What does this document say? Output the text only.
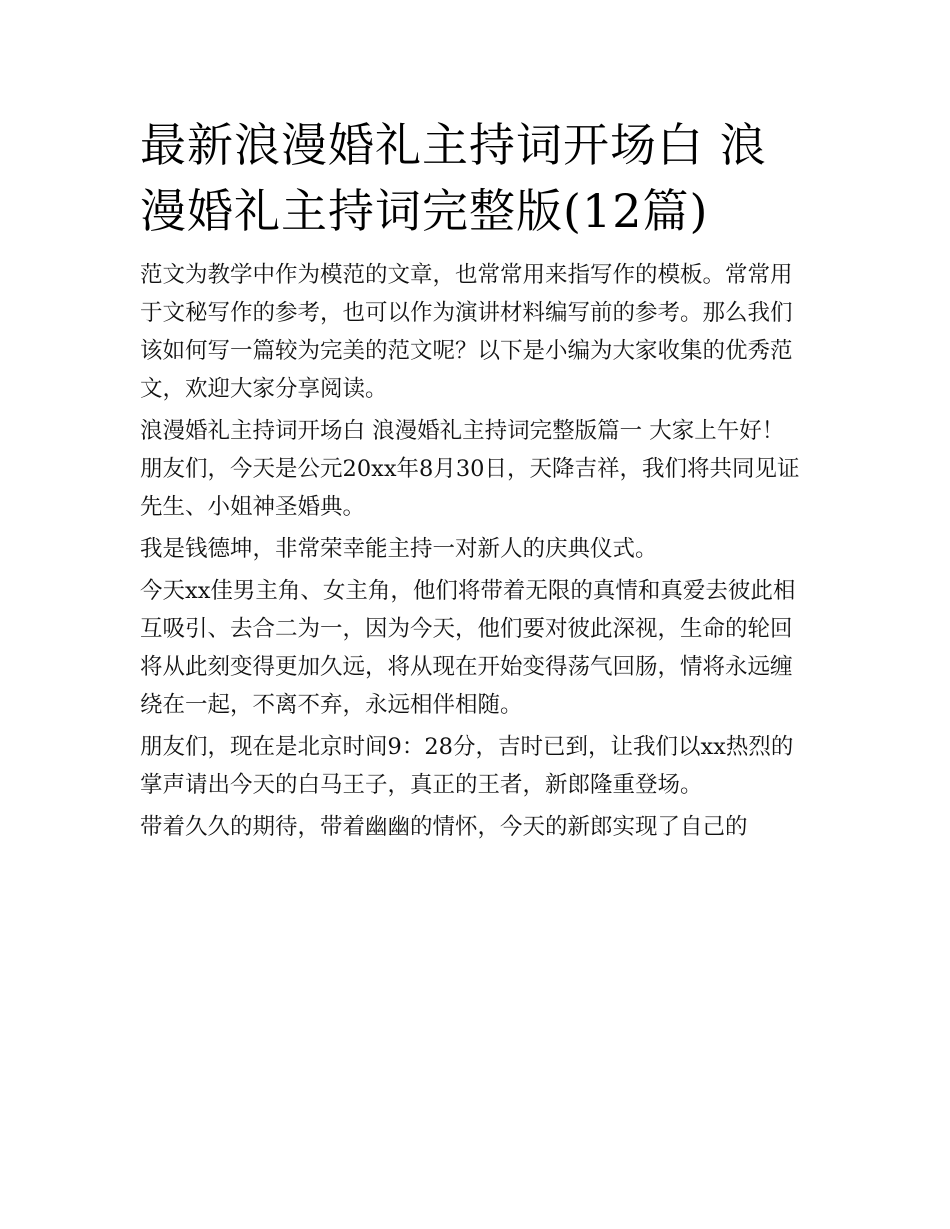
最新浪漫婚礼主持词开场白 浪漫婚礼主持词完整版(12篇)

范文为教学中作为模范的文章，也常常用来指写作的模板。常常用于文秘写作的参考，也可以作为演讲材料编写前的参考。那么我们该如何写一篇较为完美的范文呢？以下是小编为大家收集的优秀范文，欢迎大家分享阅读。

浪漫婚礼主持词开场白 浪漫婚礼主持词完整版篇一 大家上午好！ 朋友们，今天是公元20xx年8月30日，天降吉祥，我们将共同见证先生、小姐神圣婚典。

我是钱德坤，非常荣幸能主持一对新人的庆典仪式。

今天xx佳男主角、女主角，他们将带着无限的真情和真爱去彼此相互吸引、去合二为一，因为今天，他们要对彼此深视，生命的轮回将从此刻变得更加久远，将从现在开始变得荡气回肠，情将永远缠绕在一起，不离不弃，永远相伴相随。

朋友们，现在是北京时间9：28分，吉时已到，让我们以xx热烈的掌声请出今天的白马王子，真正的王者，新郎隆重登场。

带着久久的期待，带着幽幽的情怀，今天的新郎实现了自己的
